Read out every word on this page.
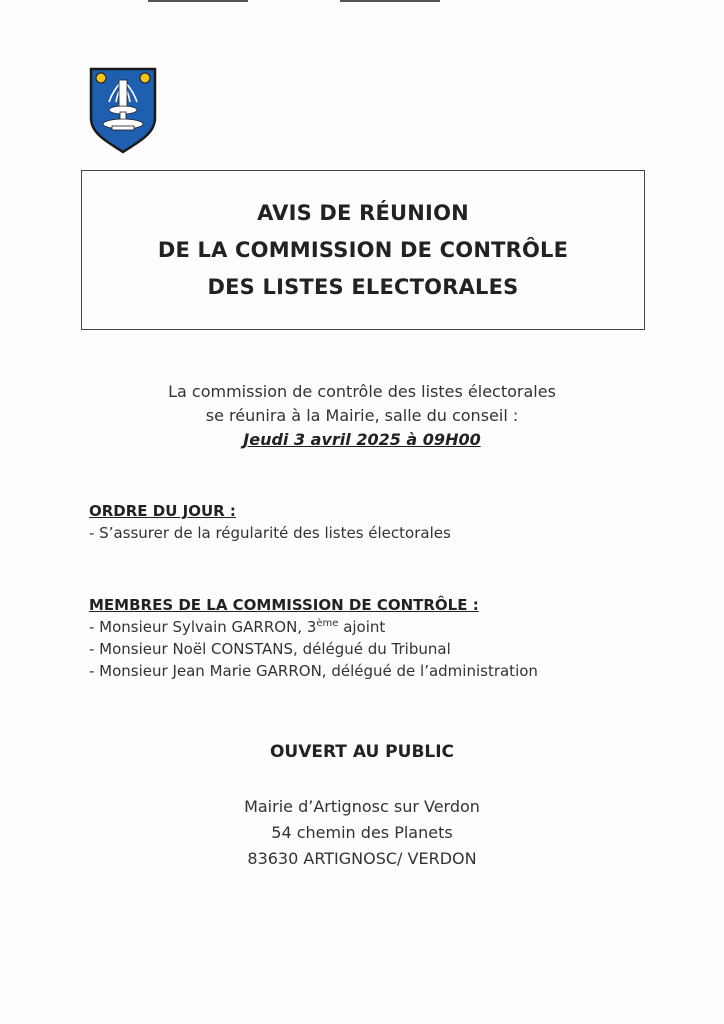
AVIS DE RÉUNION
DE LA COMMISSION DE CONTRÔLE
DES LISTES ELECTORALES
La commission de contrôle des listes électorales
se réunira à la Mairie, salle du conseil :
Jeudi 3 avril 2025 à 09H00
ORDRE DU JOUR :
- S’assurer de la régularité des listes électorales
MEMBRES DE LA COMMISSION DE CONTRÔLE :
- Monsieur Sylvain GARRON, 3ème ajoint
- Monsieur Noël CONSTANS, délégué du Tribunal
- Monsieur Jean Marie GARRON, délégué de l’administration
OUVERT AU PUBLIC
Mairie d’Artignosc sur Verdon
54 chemin des Planets
83630 ARTIGNOSC/ VERDON
